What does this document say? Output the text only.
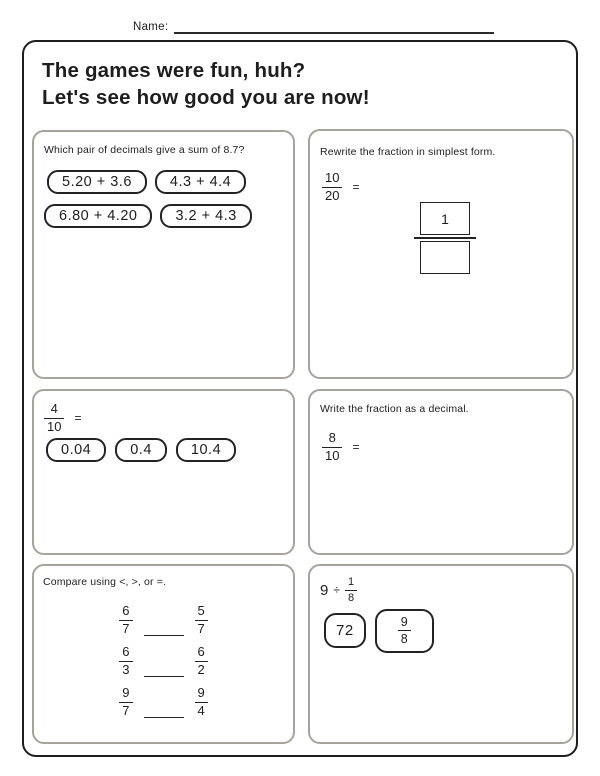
Name:
The games were fun, huh?
Let's see how good you are now!
Which pair of decimals give a sum of 8.7?
5.20 + 3.6	4.3 + 4.4
6.80 + 4.20	3.2 + 4.3
Rewrite the fraction in simplest form.
$\frac{10}{20}$ =
1
$\frac{4}{10}$ =
0.04	0.4	10.4
Write the fraction as a decimal.
$\frac{8}{10}$ =
Compare using <, >, or =.
$\frac{6}{7}$	$\frac{5}{7}$
$\frac{6}{3}$	$\frac{6}{2}$
$\frac{9}{7}$	$\frac{9}{4}$
$9 \div \frac{1}{8}$
72	$\frac{9}{8}$
